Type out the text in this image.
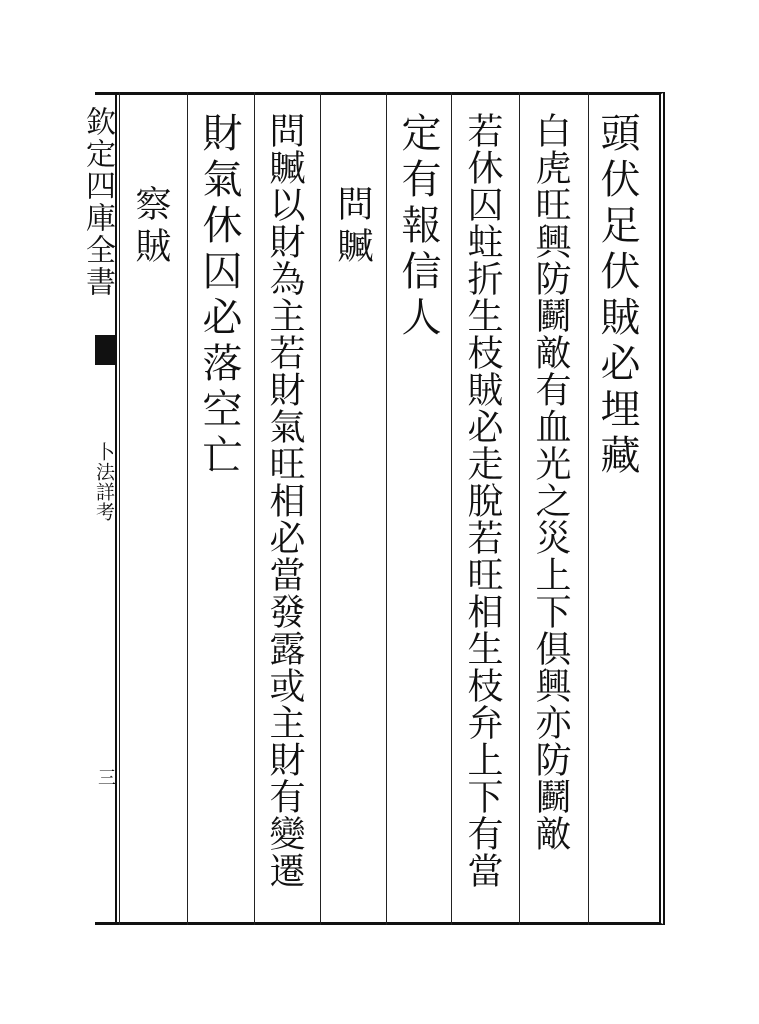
欽定四庫全書
卜法詳考
三
頭伏足伏賊必埋藏
白虎旺興防鬬敵有血光之災上下俱興亦防鬬敵
若休囚蛀折生枝賊必走脫若旺相生枝弁上下有當
定有報信人
問贓
問贓以財為主若財氣旺相必當發露或主財有變遷
財氣休囚必落空亡
察賊
